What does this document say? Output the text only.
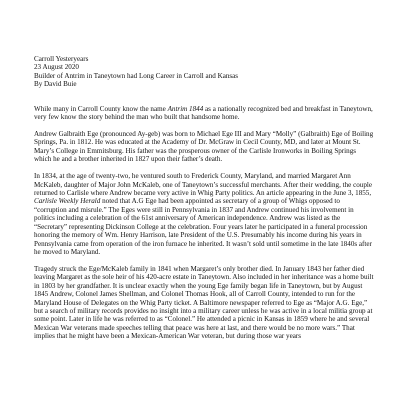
Carroll Yesteryears
23 August 2020
Builder of Antrim in Taneytown had Long Career in Carroll and Kansas
By David Buie

While many in Carroll County know the name Antrim 1844 as a nationally recognized bed and breakfast in Taneytown, very few know the story behind the man who built that handsome home.

Andrew Galbraith Ege (pronounced Ay-geb) was born to Michael Ege III and Mary “Molly” (Galbraith) Ege of Boiling Springs, Pa. in 1812. He was educated at the Academy of Dr. McGraw in Cecil County, MD, and later at Mount St. Mary’s College in Emmitsburg. His father was the prosperous owner of the Carlisle Ironworks in Boiling Springs which he and a brother inherited in 1827 upon their father’s death.

In 1834, at the age of twenty-two, he ventured south to Frederick County, Maryland, and married Margaret Ann McKaleb, daughter of Major John McKaleb, one of Taneytown’s successful merchants. After their wedding, the couple returned to Carlisle where Andrew became very active in Whig Party politics. An article appearing in the June 3, 1855, Carlisle Weekly Herald noted that A.G Ege had been appointed as secretary of a group of Whigs opposed to “corruption and misrule.” The Eges were still in Pennsylvania in 1837 and Andrew continued his involvement in politics including a celebration of the 61st anniversary of American independence. Andrew was listed as the “Secretary” representing Dickinson College at the celebration. Four years later he participated in a funeral procession honoring the memory of Wm. Henry Harrison, late President of the U.S. Presumably his income during his years in Pennsylvania came from operation of the iron furnace he inherited. It wasn’t sold until sometime in the late 1840s after he moved to Maryland.

Tragedy struck the Ege/McKaleb family in 1841 when Margaret’s only brother died. In January 1843 her father died leaving Margaret as the sole heir of his 420-acre estate in Taneytown. Also included in her inheritance was a home built in 1803 by her grandfather. It is unclear exactly when the young Ege family began life in Taneytown, but by August 1845 Andrew, Colonel James Shellman, and Colonel Thomas Hook, all of Carroll County, intended to run for the Maryland House of Delegates on the Whig Party ticket. A Baltimore newspaper referred to Ege as “Major A.G. Ege,” but a search of military records provides no insight into a military career unless he was active in a local militia group at some point. Later in life he was referred to as “Colonel.” He attended a picnic in Kansas in 1859 where he and several Mexican War veterans made speeches telling that peace was here at last, and there would be no more wars.” That implies that he might have been a Mexican-American War veteran, but during those war years
